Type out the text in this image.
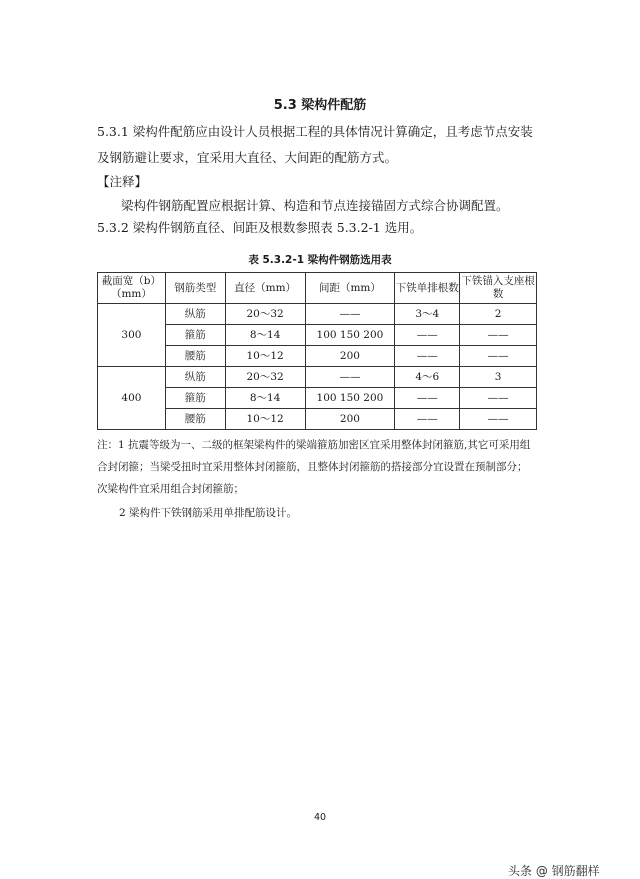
5.3 梁构件配筋
5.3.1 梁构件配筋应由设计人员根据工程的具体情况计算确定，且考虑节点安装及钢筋避让要求，宜采用大直径、大间距的配筋方式。
【注释】
梁构件钢筋配置应根据计算、构造和节点连接锚固方式综合协调配置。
5.3.2 梁构件钢筋直径、间距及根数参照表 5.3.2-1 选用。
表 5.3.2-1 梁构件钢筋选用表
截面宽（b）（mm）	钢筋类型	直径（mm）	间距（mm）	下铁单排根数	下铁锚入支座根数
300	纵筋	20～32	——	3～4	2
	箍筋	8～14	100 150 200	——	——
	腰筋	10～12	200	——	——
400	纵筋	20～32	——	4～6	3
	箍筋	8～14	100 150 200	——	——
	腰筋	10～12	200	——	——
注：1 抗震等级为一、二级的框架梁构件的梁端箍筋加密区宜采用整体封闭箍筋,其它可采用组合封闭箍；当梁受扭时宜采用整体封闭箍筋，且整体封闭箍筋的搭接部分宜设置在预制部分；次梁构件宜采用组合封闭箍筋；
2 梁构件下铁钢筋采用单排配筋设计。
40
头条 @ 钢筋翻样
